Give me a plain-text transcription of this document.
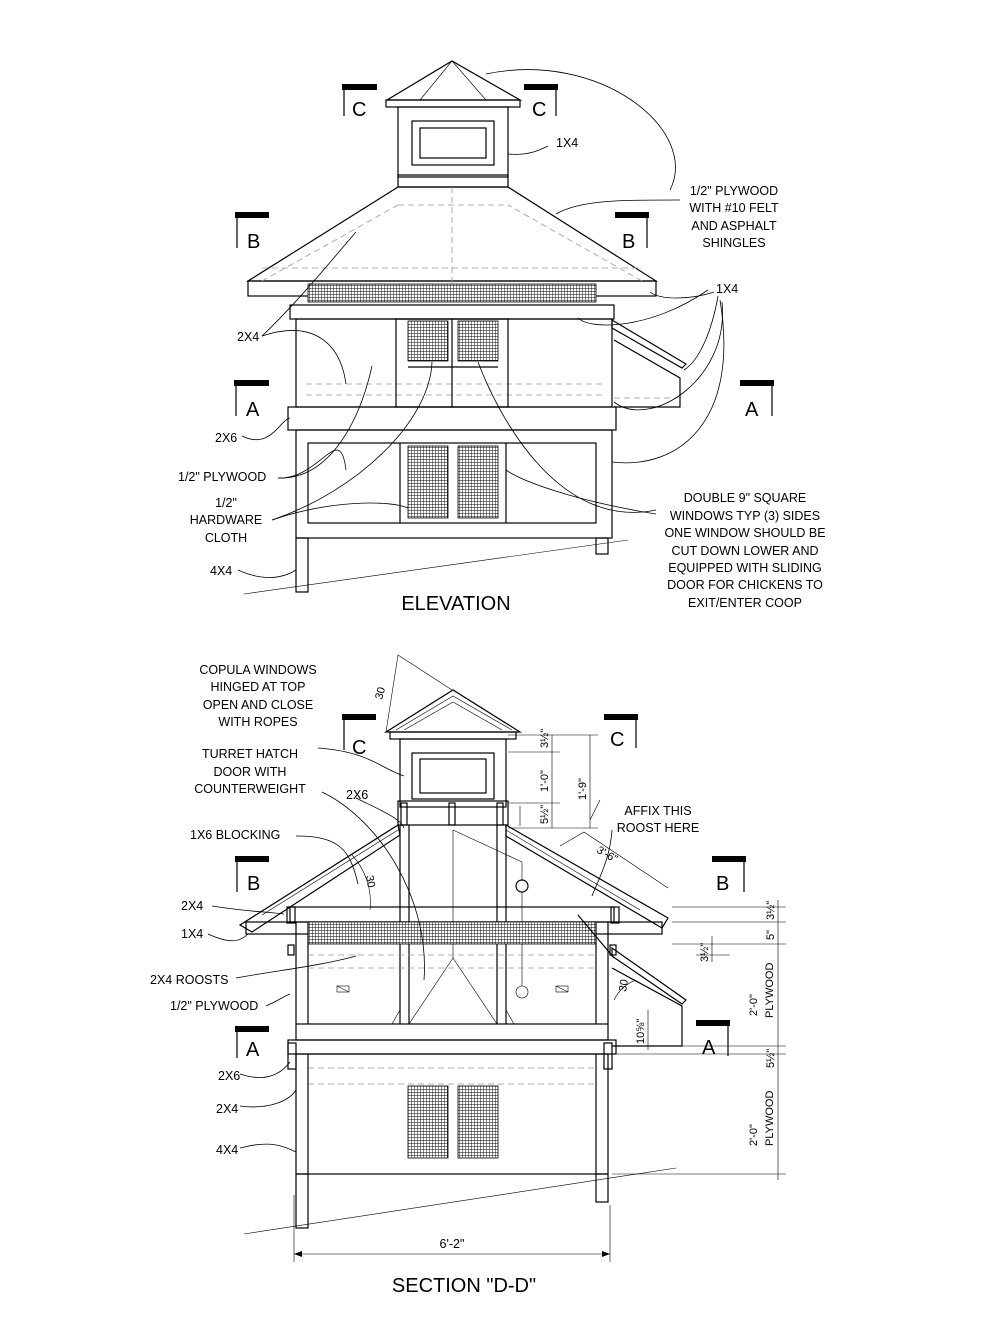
C	C
B	B
A	A
1X4
1/2" PLYWOOD
WITH #10 FELT
AND ASPHALT
SHINGLES
1X4
2X4
2X6
1/2" PLYWOOD
1/2"
HARDWARE
CLOTH
4X4
DOUBLE 9" SQUARE
WINDOWS TYP (3) SIDES
ONE WINDOW SHOULD BE
CUT DOWN LOWER AND
EQUIPPED WITH SLIDING
DOOR FOR CHICKENS TO
EXIT/ENTER COOP
ELEVATION
C	C
B	B
A	A
COPULA WINDOWS
HINGED AT TOP
OPEN AND CLOSE
WITH ROPES
TURRET HATCH
DOOR WITH
COUNTERWEIGHT	2X6
AFFIX THIS
ROOST HERE
1X6 BLOCKING
2X4
1X4
2X4 ROOSTS
1/2" PLYWOOD
2X6
2X4
4X4
PLYWOOD
PLYWOOD
30
30
30
3½"
1'-0" 1'-9"
5½"
3'-6"
3½"
5"
3½"
2'-0"
10⅝"
5½"
2'-0"
6'-2"
SECTION "D-D"
